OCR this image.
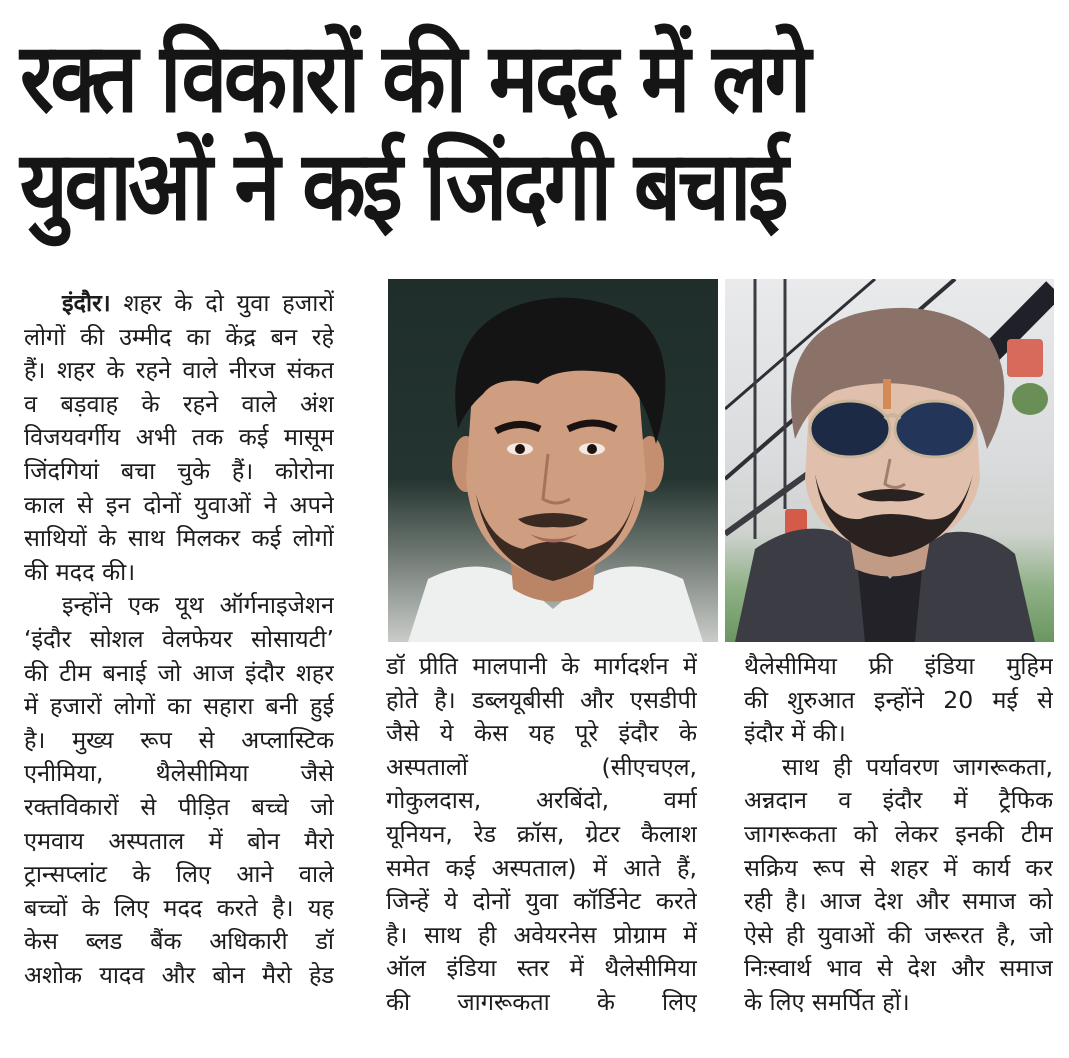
रक्त विकारों की मदद में लगे
युवाओं ने कई जिंदगी बचाई
इंदौर। शहर के दो युवा हजारों
लोगों की उम्मीद का केंद्र बन रहे
हैं। शहर के रहने वाले नीरज संकत
व बड़वाह के रहने वाले अंश
विजयवर्गीय अभी तक कई मासूम
जिंदगियां बचा चुके हैं। कोरोना
काल से इन दोनों युवाओं ने अपने
साथियों के साथ मिलकर कई लोगों
की मदद की।
इन्होंने एक यूथ ऑर्गनाइजेशन
‘इंदौर सोशल वेलफेयर सोसायटी’
की टीम बनाई जो आज इंदौर शहर
में हजारों लोगों का सहारा बनी हुई
है। मुख्य रूप से अप्लास्टिक
एनीमिया, थैलेसीमिया जैसे
रक्तविकारों से पीड़ित बच्चे जो
एमवाय अस्पताल में बोन मैरो
ट्रान्सप्लांट के लिए आने वाले
बच्चों के लिए मदद करते है। यह
केस ब्लड बैंक अधिकारी डॉ
अशोक यादव और बोन मैरो हेड
डॉ प्रीति मालपानी के मार्गदर्शन में
होते है। डब्लयूबीसी और एसडीपी
जैसे ये केस यह पूरे इंदौर के
अस्पतालों (सीएचएल,
गोकुलदास, अरबिंदो, वर्मा
यूनियन, रेड क्रॉस, ग्रेटर कैलाश
समेत कई अस्पताल) में आते हैं,
जिन्हें ये दोनों युवा कॉर्डिनेट करते
है। साथ ही अवेयरनेस प्रोग्राम में
ऑल इंडिया स्तर में थैलेसीमिया
की जागरूकता के लिए
थैलेसीमिया फ्री इंडिया मुहिम
की शुरुआत इन्होंने 20 मई से
इंदौर में की।
साथ ही पर्यावरण जागरूकता,
अन्नदान व इंदौर में ट्रैफिक
जागरूकता को लेकर इनकी टीम
सक्रिय रूप से शहर में कार्य कर
रही है। आज देश और समाज को
ऐसे ही युवाओं की जरूरत है, जो
निःस्वार्थ भाव से देश और समाज
के लिए समर्पित हों।
